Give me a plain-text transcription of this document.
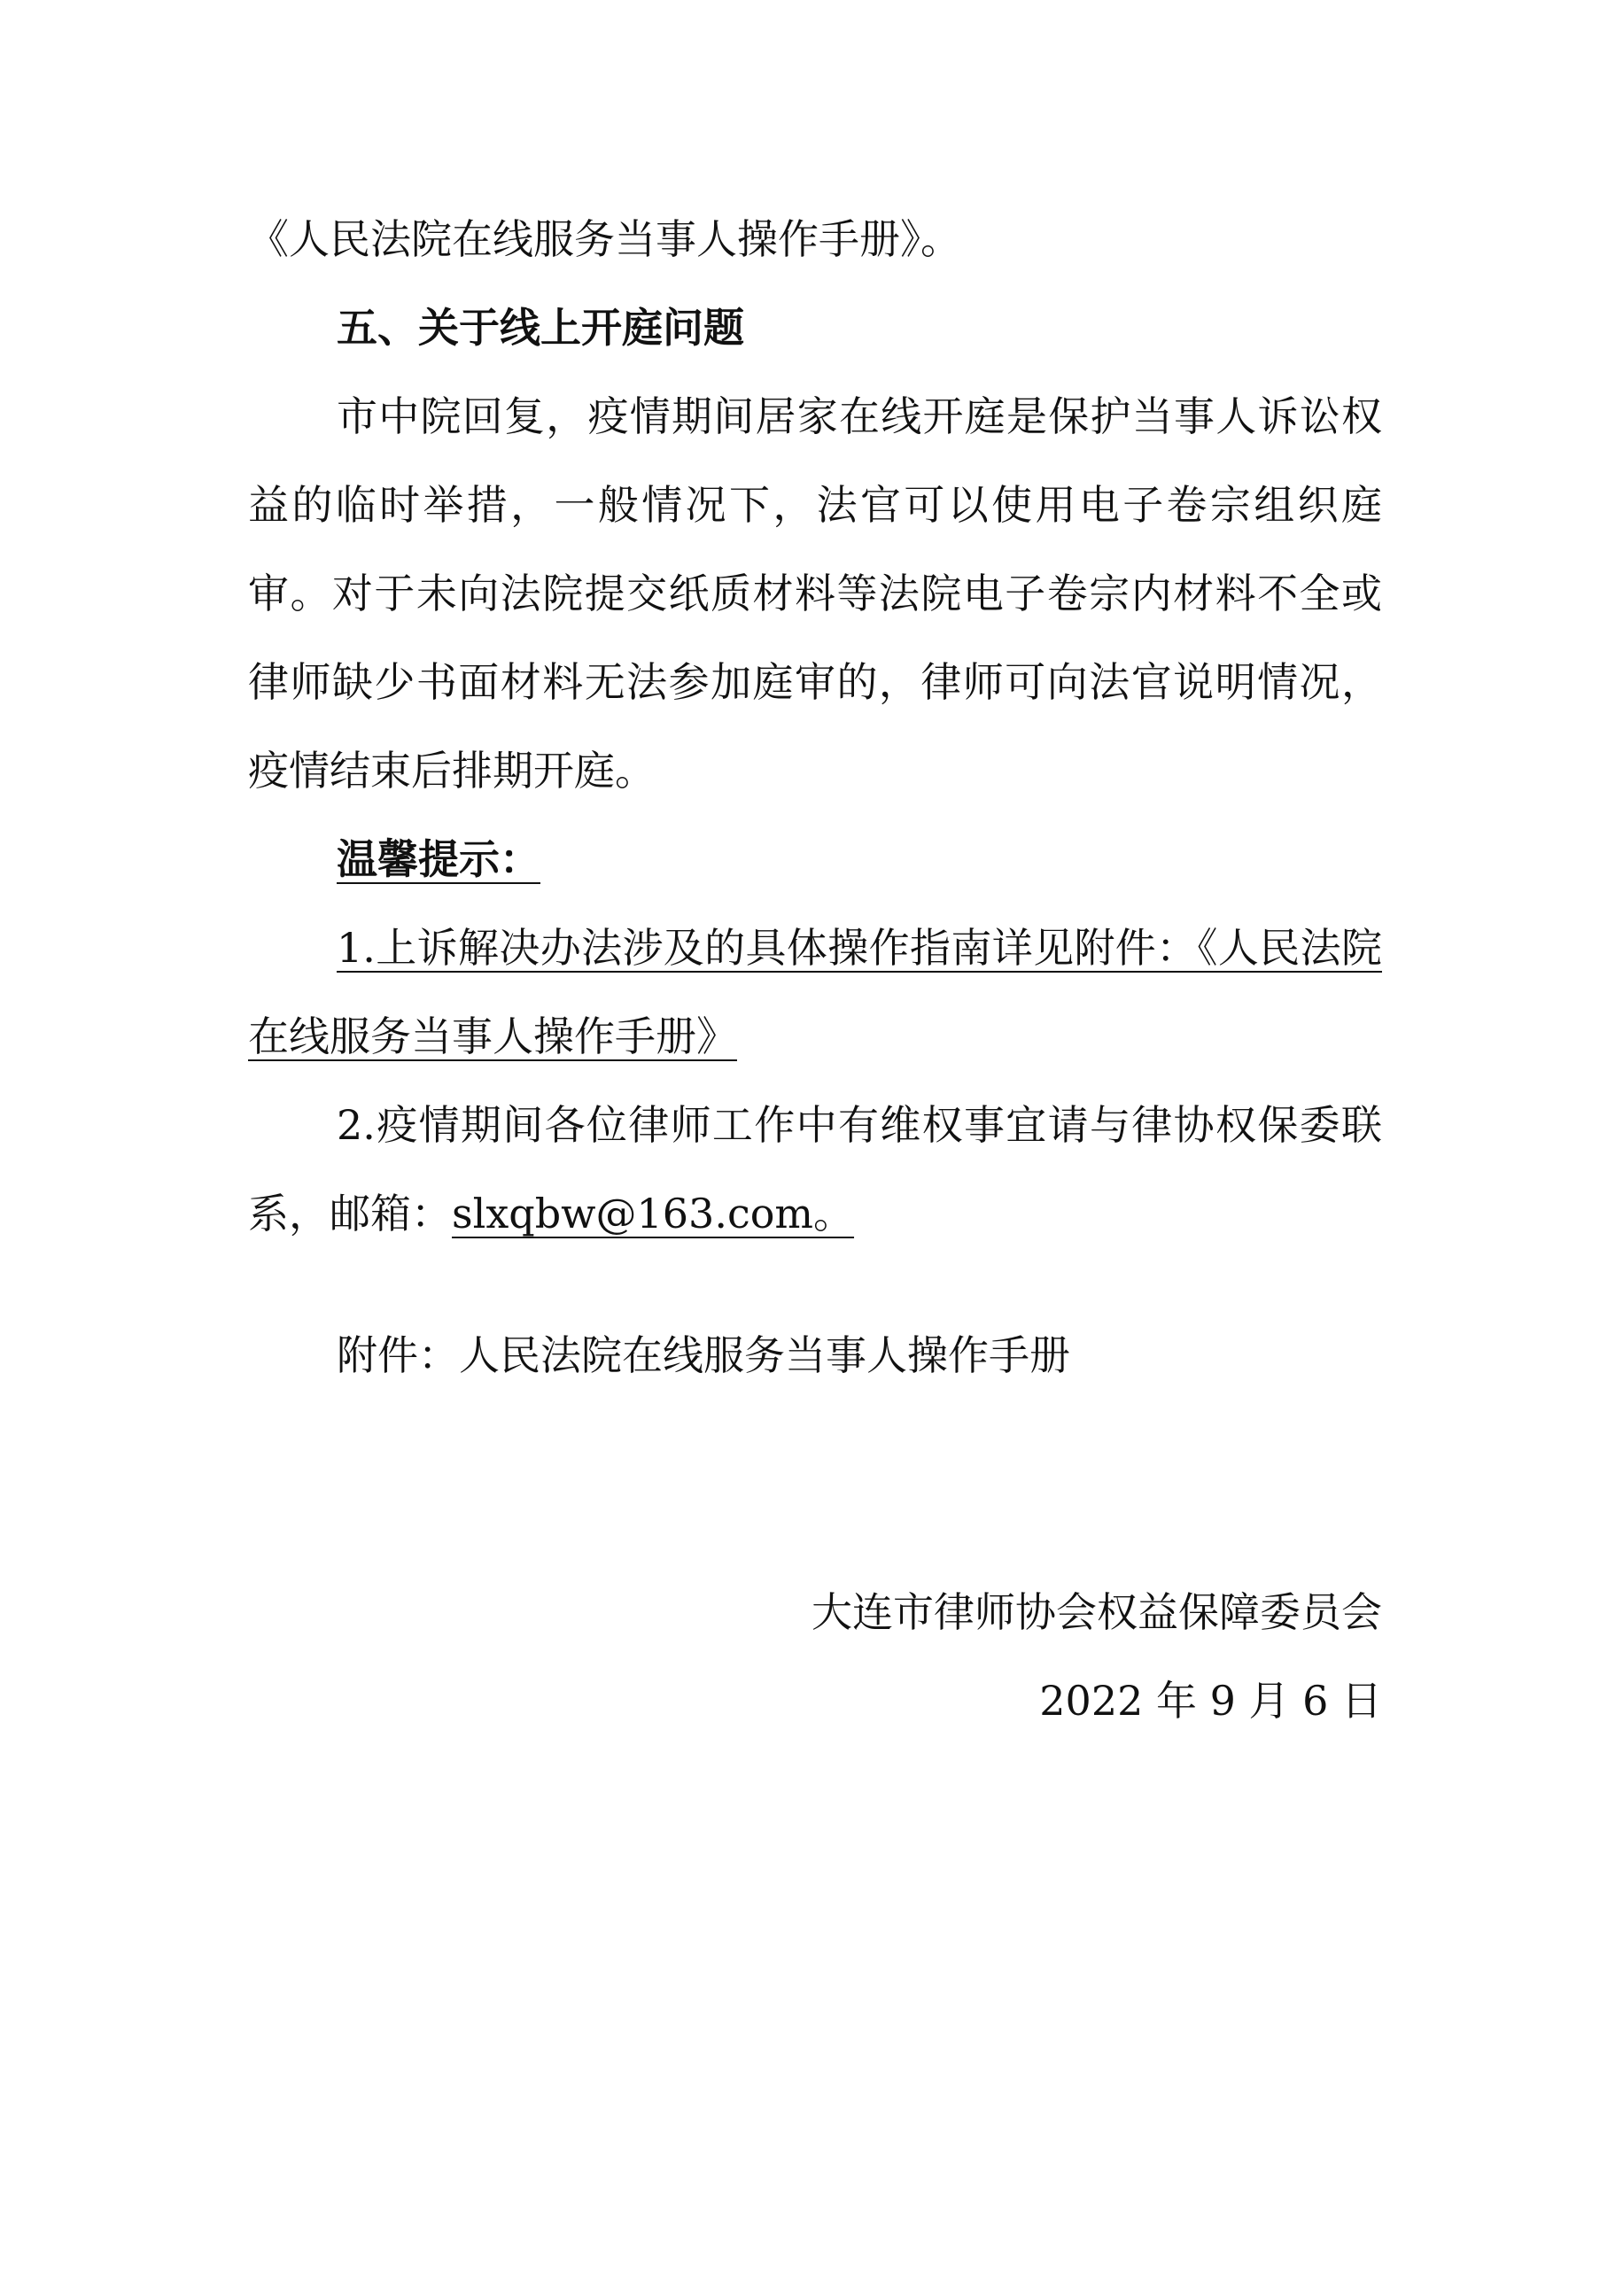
《人民法院在线服务当事人操作手册》。
五、关于线上开庭问题
市中院回复，疫情期间居家在线开庭是保护当事人诉讼权益的临时举措，一般情况下，法官可以使用电子卷宗组织庭审。对于未向法院提交纸质材料等法院电子卷宗内材料不全或律师缺少书面材料无法参加庭审的，律师可向法官说明情况，疫情结束后排期开庭。
温馨提示：
1.上诉解决办法涉及的具体操作指南详见附件：《人民法院在线服务当事人操作手册》
2.疫情期间各位律师工作中有维权事宜请与律协权保委联系，邮箱：slxqbw@163.com。
附件：人民法院在线服务当事人操作手册
大连市律师协会权益保障委员会
2022 年 9 月 6 日
